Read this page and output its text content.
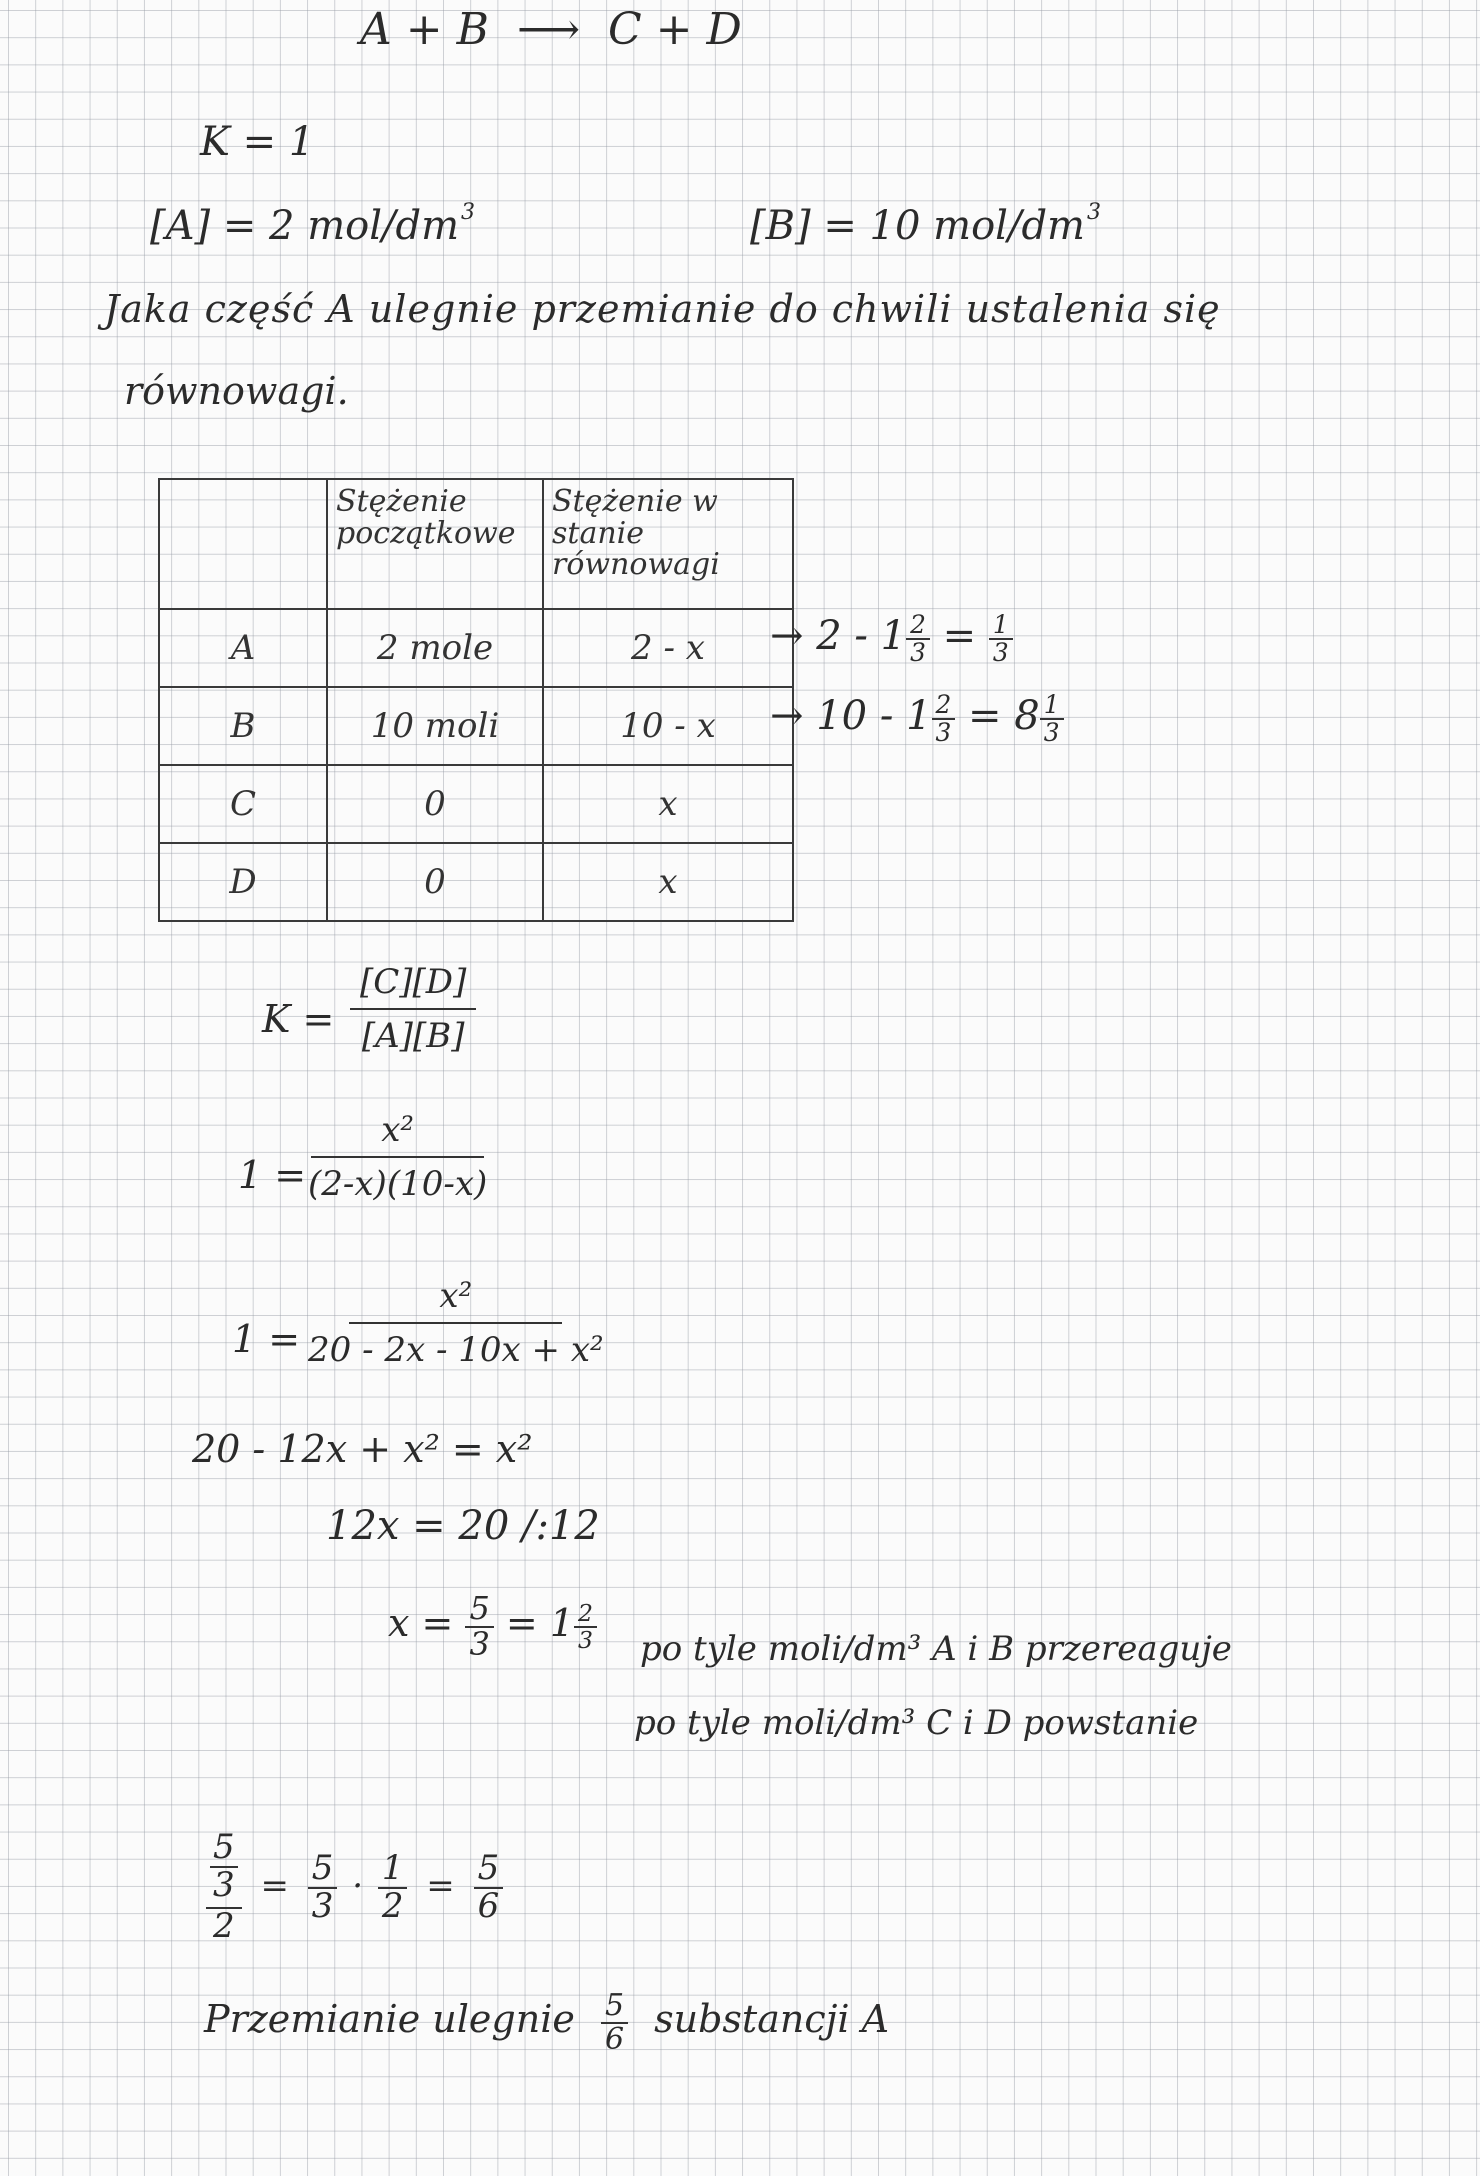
A + B ⟶ C + D
K = 1
[A] = 2 mol/$dm^3$	[B] = 10 mol/$dm^3$
Jaka część A ulegnie przemianie do chwili ustalenia się
równowagi.
	Stężenie początkowe	Stężenie w stanie równowagi
A	2 mole	2 - x
B	10 moli	10 - x
C	0	x
D	0	x
→ $2 - 1 \frac{2}{3} = \frac{1}{3}$
→ $10 - 1 \frac{2}{3} = 8 \frac{1}{3}$
$K = \frac{[C][D]}{[A][B]}$
$1 = \frac{\text{x²}}{(2-x)(10-x)}$
$1 = \frac{\text{x²}}{\text{20 - 2x - 10x + x²}}$
20 - 12x + x² = x²
12x = 20 /:12
$x = \frac{5}{3} = 1 \frac{2}{3}$ po tyle moli/dm³ A i B przereaguje
po tyle moli/dm³ C i D powstanie
$\frac{\frac{5}{3}}{2} = \frac{5}{3} \cdot \frac{1}{2} = \frac{5}{6}$
Przemianie ulegnie $\frac{5}{6}$ substancji A
